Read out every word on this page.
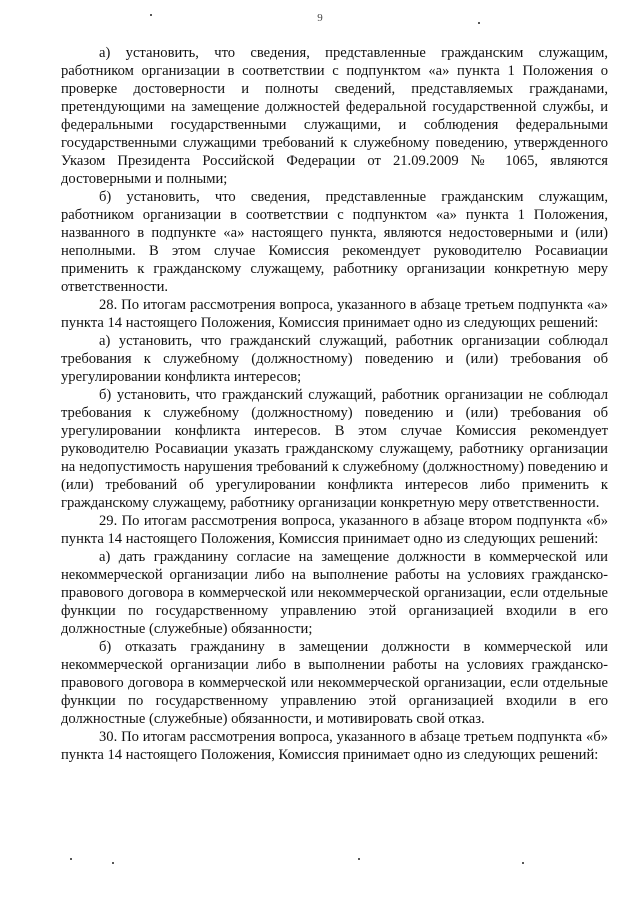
9

а) установить, что сведения, представленные гражданским служащим, работником организации в соответствии с подпунктом «а» пункта 1 Положения о проверке достоверности и полноты сведений, представляемых гражданами, претендующими на замещение должностей федеральной государственной службы, и федеральными государственными служащими, и соблюдения федеральными государственными служащими требований к служебному поведению, утвержденного Указом Президента Российской Федерации от 21.09.2009 № 1065, являются достоверными и полными;

б) установить, что сведения, представленные гражданским служащим, работником организации в соответствии с подпунктом «а» пункта 1 Положения, названного в подпункте «а» настоящего пункта, являются недостоверными и (или) неполными. В этом случае Комиссия рекомендует руководителю Росавиации применить к гражданскому служащему, работнику организации конкретную меру ответственности.

28. По итогам рассмотрения вопроса, указанного в абзаце третьем подпункта «а» пункта 14 настоящего Положения, Комиссия принимает одно из следующих решений:

а) установить, что гражданский служащий, работник организации соблюдал требования к служебному (должностному) поведению и (или) требования об урегулировании конфликта интересов;

б) установить, что гражданский служащий, работник организации не соблюдал требования к служебному (должностному) поведению и (или) требования об урегулировании конфликта интересов. В этом случае Комиссия рекомендует руководителю Росавиации указать гражданскому служащему, работнику организации на недопустимость нарушения требований к служебному (должностному) поведению и (или) требований об урегулировании конфликта интересов либо применить к гражданскому служащему, работнику организации конкретную меру ответственности.

29. По итогам рассмотрения вопроса, указанного в абзаце втором подпункта «б» пункта 14 настоящего Положения, Комиссия принимает одно из следующих решений:

а) дать гражданину согласие на замещение должности в коммерческой или некоммерческой организации либо на выполнение работы на условиях гражданско-правового договора в коммерческой или некоммерческой организации, если отдельные функции по государственному управлению этой организацией входили в его должностные (служебные) обязанности;

б) отказать гражданину в замещении должности в коммерческой или некоммерческой организации либо в выполнении работы на условиях гражданско-правового договора в коммерческой или некоммерческой организации, если отдельные функции по государственному управлению этой организацией входили в его должностные (служебные) обязанности, и мотивировать свой отказ.

30. По итогам рассмотрения вопроса, указанного в абзаце третьем подпункта «б» пункта 14 настоящего Положения, Комиссия принимает одно из следующих решений:
